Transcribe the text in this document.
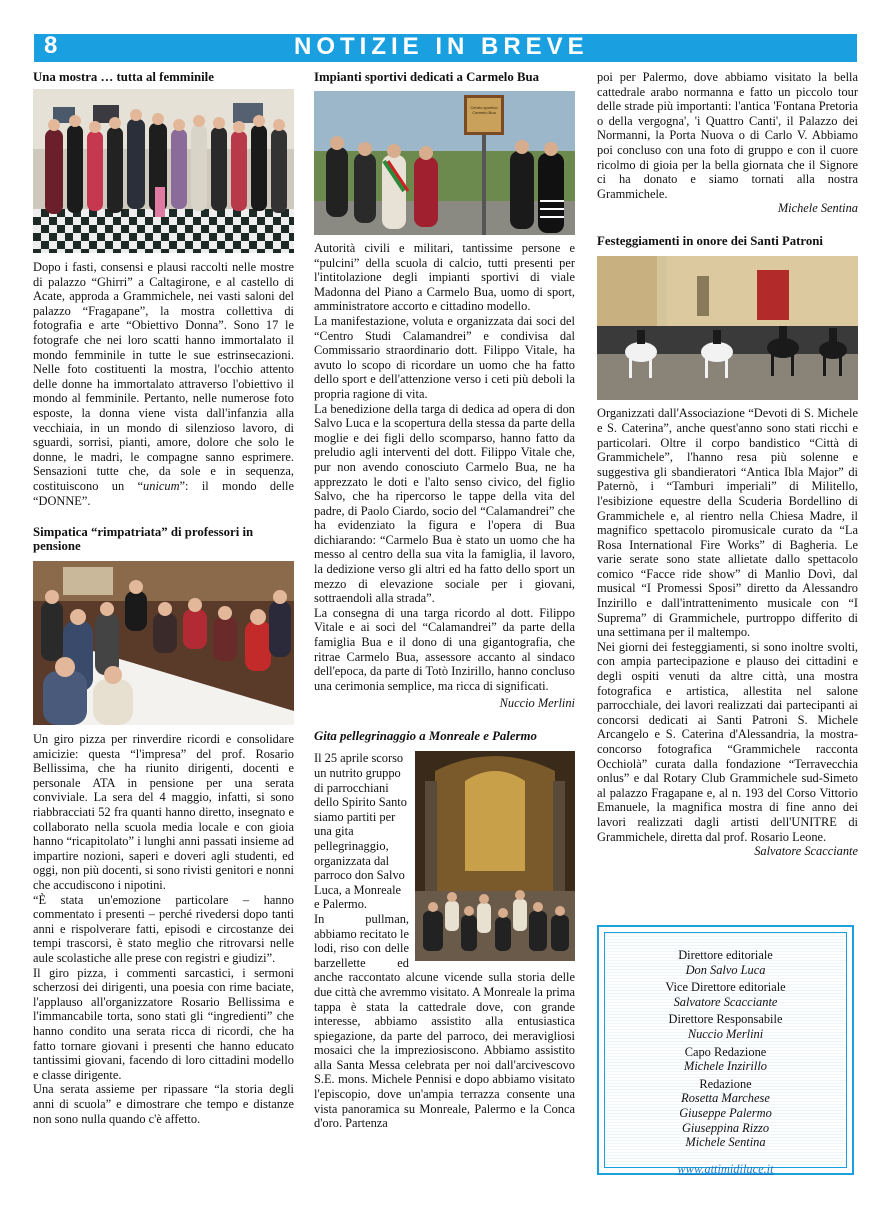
8	NOTIZIE IN BREVE
Una mostra … tutta al femminile

Dopo i fasti, consensi e plausi raccolti nelle mostre di palazzo “Ghirri” a Caltagirone, e al castello di Acate, approda a Grammichele, nei vasti saloni del palazzo “Fragapane”, la mostra collettiva di fotografia e arte “Obiettivo Donna”. Sono 17 le fotografe che nei loro scatti hanno immortalato il mondo femminile in tutte le sue estrinsecazioni. Nelle foto costituenti la mostra, l'occhio attento delle donne ha immortalato attraverso l'obiettivo il mondo al femminile. Pertanto, nelle numerose foto esposte, la donna viene vista dall'infanzia alla vecchiaia, in un mondo di silenzioso lavoro, di sguardi, sorrisi, pianti, amore, dolore che solo le donne, le madri, le compagne sanno esprimere. Sensazioni tutte che, da sole e in sequenza, costituiscono un “unicum”: il mondo delle “DONNE”.

Simpatica “rimpatriata” di professori in pensione

Un giro pizza per rinverdire ricordi e consolidare amicizie: questa “l'impresa” del prof. Rosario Bellissima, che ha riunito dirigenti, docenti e personale ATA in pensione per una serata conviviale. La sera del 4 maggio, infatti, si sono riabbracciati 52 fra quanti hanno diretto, insegnato e collaborato nella scuola media locale e con gioia hanno “ricapitolato” i lunghi anni passati insieme ad impartire nozioni, saperi e doveri agli studenti, ed oggi, non più docenti, si sono rivisti genitori e nonni che accudiscono i nipotini.

“È stata un'emozione particolare – hanno commentato i presenti – perché rivedersi dopo tanti anni e rispolverare fatti, episodi e circostanze dei tempi trascorsi, è stato meglio che ritrovarsi nelle aule scolastiche alle prese con registri e giudizi”.

Il giro pizza, i commenti sarcastici, i sermoni scherzosi dei dirigenti, una poesia con rime baciate, l'applauso all'organizzatore Rosario Bellissima e l'immancabile torta, sono stati gli “ingredienti” che hanno condito una serata ricca di ricordi, che ha fatto tornare giovani i presenti che hanno educato tantissimi giovani, facendo di loro cittadini modello e classe dirigente.

Una serata assieme per ripassare “la storia degli anni di scuola” e dimostrare che tempo e distanze non sono nulla quando c'è affetto.

Impianti sportivi dedicati a Carmelo Bua
Centro sportivo Carmelo Bua

Autorità civili e militari, tantissime persone e “pulcini” della scuola di calcio, tutti presenti per l'intitolazione degli impianti sportivi di viale Madonna del Piano a Carmelo Bua, uomo di sport, amministratore accorto e cittadino modello.

La manifestazione, voluta e organizzata dai soci del “Centro Studi Calamandrei” e condivisa dal Commissario straordinario dott. Filippo Vitale, ha avuto lo scopo di ricordare un uomo che ha fatto dello sport e dell'attenzione verso i ceti più deboli la propria ragione di vita.

La benedizione della targa di dedica ad opera di don Salvo Luca e la scopertura della stessa da parte della moglie e dei figli dello scomparso, hanno fatto da preludio agli interventi del dott. Filippo Vitale che, pur non avendo conosciuto Carmelo Bua, ne ha apprezzato le doti e l'alto senso civico, del figlio Salvo, che ha ripercorso le tappe della vita del padre, di Paolo Ciardo, socio del “Calamandrei” che ha evidenziato la figura e l'opera di Bua dichiarando: “Carmelo Bua è stato un uomo che ha messo al centro della sua vita la famiglia, il lavoro, la dedizione verso gli altri ed ha fatto dello sport un mezzo di elevazione sociale per i giovani, sottraendoli alla strada”.

La consegna di una targa ricordo al dott. Filippo Vitale e ai soci del “Calamandrei” da parte della famiglia Bua e il dono di una gigantografia, che ritrae Carmelo Bua, assessore accanto al sindaco dell'epoca, da parte di Totò Inzirillo, hanno concluso una cerimonia semplice, ma ricca di significati.

Nuccio Merlini
Gita pellegrinaggio a Monreale e Palermo

Il 25 aprile scorso un nutrito gruppo di parrocchiani dello Spirito Santo siamo partiti per una gita pellegrinaggio, organizzata dal parroco don Salvo Luca, a Monreale e Palermo.

In pullman, abbiamo recitato le lodi, riso con delle barzellette ed anche raccontato alcune vicende sulla storia delle due città che avremmo visitato. A Monreale la prima tappa è stata la cattedrale dove, con grande interesse, abbiamo assistito alla entusiastica spiegazione, da parte del parroco, dei meravigliosi mosaici che la impreziosiscono. Abbiamo assistito alla Santa Messa celebrata per noi dall'arcivescovo S.E. mons. Michele Pennisi e dopo abbiamo visitato l'episcopio, dove un'ampia terrazza consente una vista panoramica su Monreale, Palermo e la Conca d'oro. Partenza

poi per Palermo, dove abbiamo visitato la bella cattedrale arabo normanna e fatto un piccolo tour delle strade più importanti: l'antica 'Fontana Pretoria o della vergogna', 'i Quattro Canti', il Palazzo dei Normanni, la Porta Nuova o di Carlo V. Abbiamo poi concluso con una foto di gruppo e con il cuore ricolmo di gioia per la bella giornata che il Signore ci ha donato e siamo tornati alla nostra Grammichele.

Michele Sentina
Festeggiamenti in onore dei Santi Patroni

Organizzati dall'Associazione “Devoti di S. Michele e S. Caterina”, anche quest'anno sono stati ricchi e particolari. Oltre il corpo bandistico “Città di Grammichele”, l'hanno resa più solenne e suggestiva gli sbandieratori “Antica Ibla Major” di Paternò, i “Tamburi imperiali” di Militello, l'esibizione equestre della Scuderia Bordellino di Grammichele e, al rientro nella Chiesa Madre, il magnifico spettacolo piromusicale curato da “La Rosa International Fire Works” di Bagheria. Le varie serate sono state allietate dallo spettacolo comico “Facce ride show” di Manlio Dovì, dal musical “I Promessi Sposi” diretto da Alessandro Inzirillo e dall'intrattenimento musicale con “I Suprema” di Grammichele, purtroppo differito di una settimana per il maltempo.

Nei giorni dei festeggiamenti, si sono inoltre svolti, con ampia partecipazione e plauso dei cittadini e degli ospiti venuti da altre città, una mostra fotografica e artistica, allestita nel salone parrocchiale, dei lavori realizzati dai partecipanti ai concorsi dedicati ai Santi Patroni S. Michele Arcangelo e S. Caterina d'Alessandria, la mostra-concorso fotografica “Grammichele racconta Occhiolà” curata dalla fondazione “Terravecchia onlus” e dal Rotary Club Grammichele sud-Simeto al palazzo Fragapane e, al n. 193 del Corso Vittorio Emanuele, la magnifica mostra di fine anno dei lavori realizzati dagli artisti dell'UNITRE di Grammichele, diretta dal prof. Rosario Leone.

Salvatore Scacciante
Direttore editoriale
Don Salvo Luca
Vice Direttore editoriale
Salvatore Scacciante
Direttore Responsabile
Nuccio Merlini
Capo Redazione
Michele Inzirillo
Redazione
Rosetta Marchese
Giuseppe Palermo
Giuseppina Rizzo
Michele Sentina
www.attimidiluce.it
